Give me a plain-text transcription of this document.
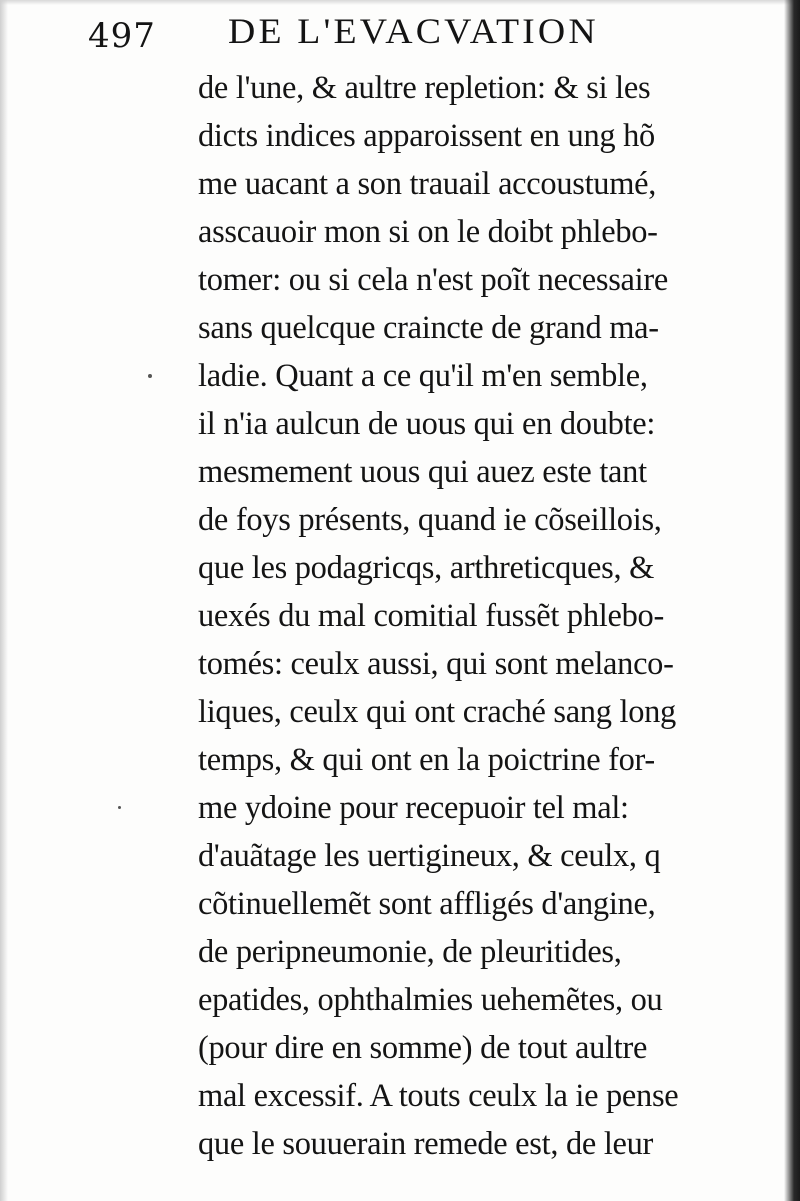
497 DE L'EVACVATION
de l'une, & aultre repletion: & si les
dicts indices apparoissent en ung hõ
me uacant a son trauail accoustumé,
asscauoir mon si on le doibt phlebo-
tomer: ou si cela n'est poĩt necessaire
sans quelcque craincte de grand ma-
ladie. Quant a ce qu'il m'en semble,
il n'ia aulcun de uous qui en doubte:
mesmement uous qui auez este tant
de foys présents, quand ie cõseillois,
que les podagricqs, arthreticques, &
uexés du mal comitial fussẽt phlebo-
tomés: ceulx aussi, qui sont melanco-
liques, ceulx qui ont craché sang long
temps, & qui ont en la poictrine for-
me ydoine pour recepuoir tel mal:
d'auãtage les uertigineux, & ceulx, q
cõtinuellemẽt sont affligés d'angine,
de peripneumonie, de pleuritides,
epatides, ophthalmies uehemẽtes, ou
(pour dire en somme) de tout aultre
mal excessif. A touts ceulx la ie pense
que le souuerain remede est, de leur
